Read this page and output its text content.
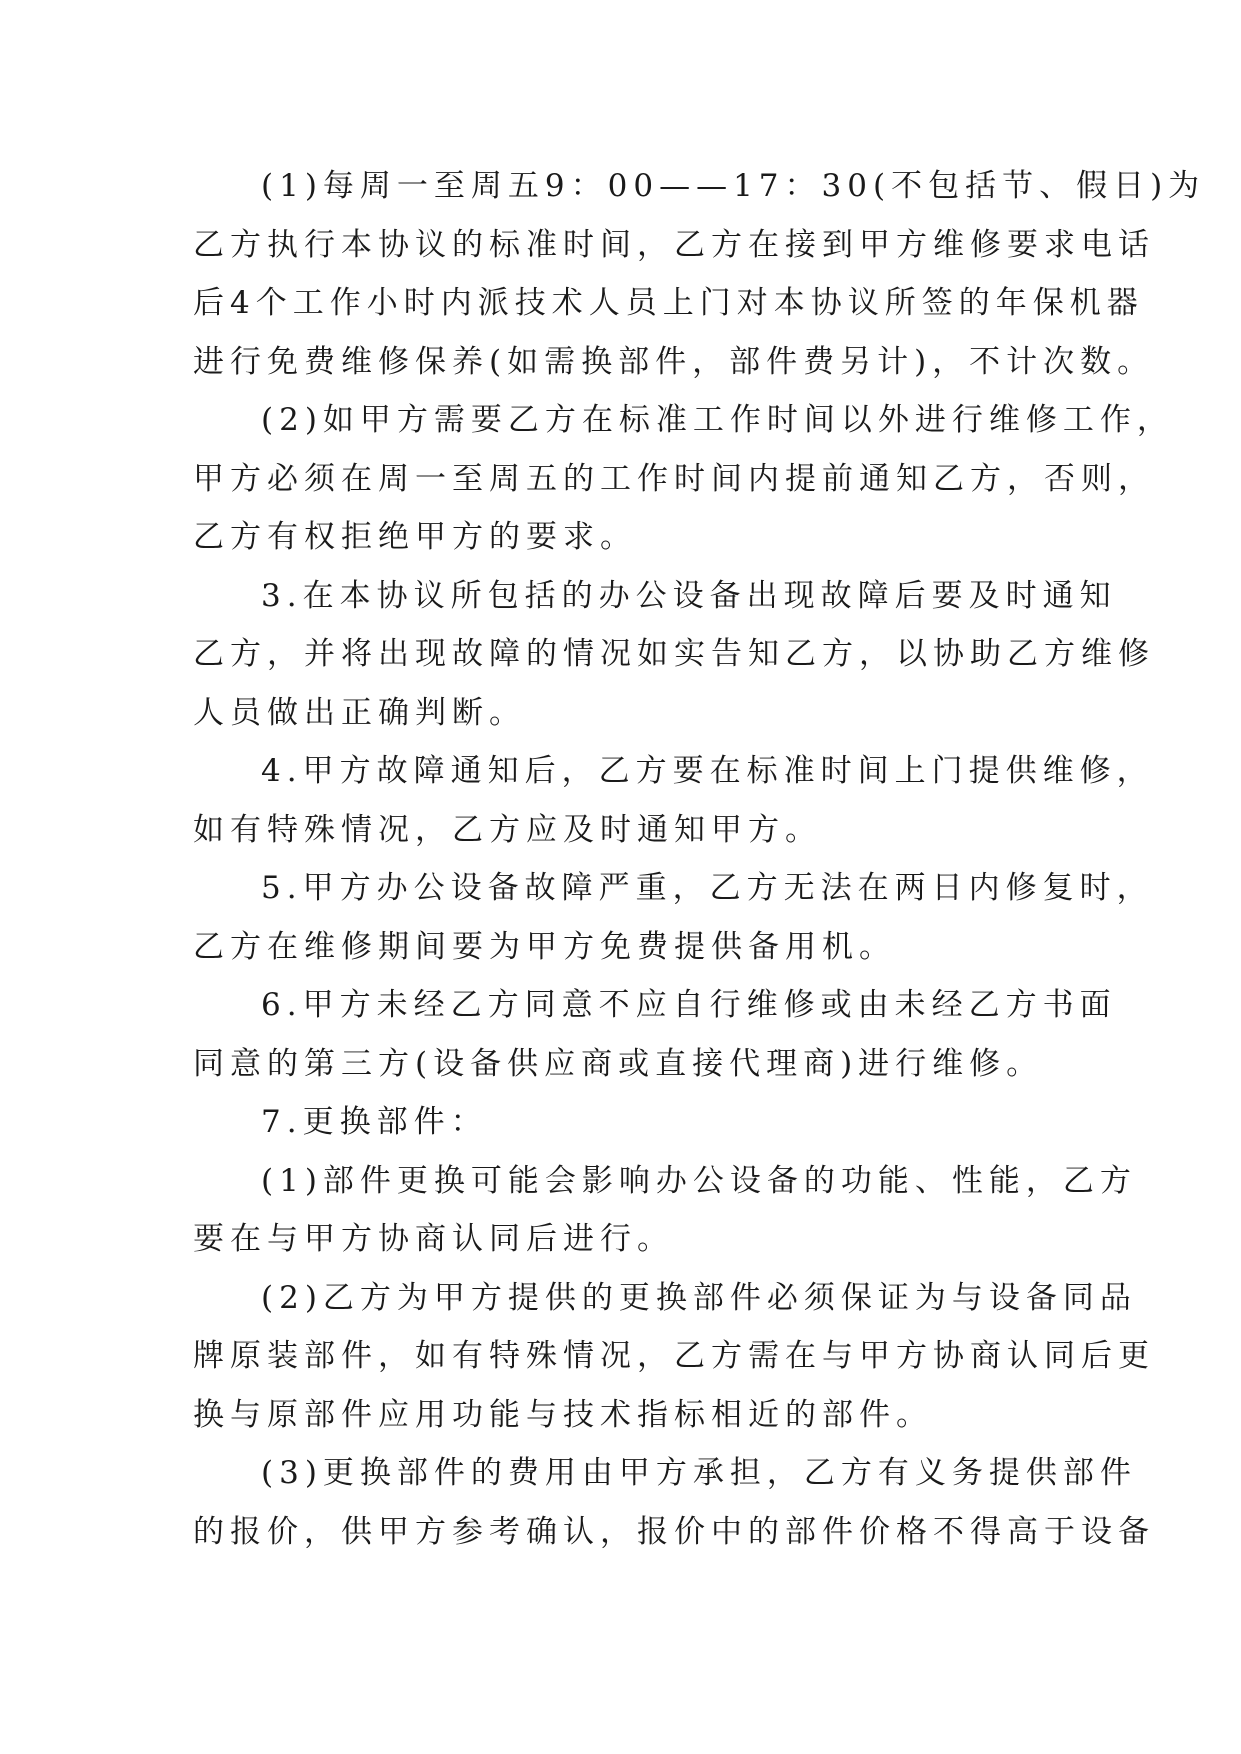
(1)每周一至周五9：00——17：30(不包括节、假日)为
乙方执行本协议的标准时间，乙方在接到甲方维修要求电话
后4个工作小时内派技术人员上门对本协议所签的年保机器
进行免费维修保养(如需换部件，部件费另计)，不计次数。

(2)如甲方需要乙方在标准工作时间以外进行维修工作，
甲方必须在周一至周五的工作时间内提前通知乙方，否则，
乙方有权拒绝甲方的要求。

3.在本协议所包括的办公设备出现故障后要及时通知
乙方，并将出现故障的情况如实告知乙方，以协助乙方维修
人员做出正确判断。

4.甲方故障通知后，乙方要在标准时间上门提供维修，
如有特殊情况，乙方应及时通知甲方。

5.甲方办公设备故障严重，乙方无法在两日内修复时，
乙方在维修期间要为甲方免费提供备用机。

6.甲方未经乙方同意不应自行维修或由未经乙方书面
同意的第三方(设备供应商或直接代理商)进行维修。

7.更换部件：

(1)部件更换可能会影响办公设备的功能、性能，乙方
要在与甲方协商认同后进行。

(2)乙方为甲方提供的更换部件必须保证为与设备同品
牌原装部件，如有特殊情况，乙方需在与甲方协商认同后更
换与原部件应用功能与技术指标相近的部件。

(3)更换部件的费用由甲方承担，乙方有义务提供部件
的报价，供甲方参考确认，报价中的部件价格不得高于设备
